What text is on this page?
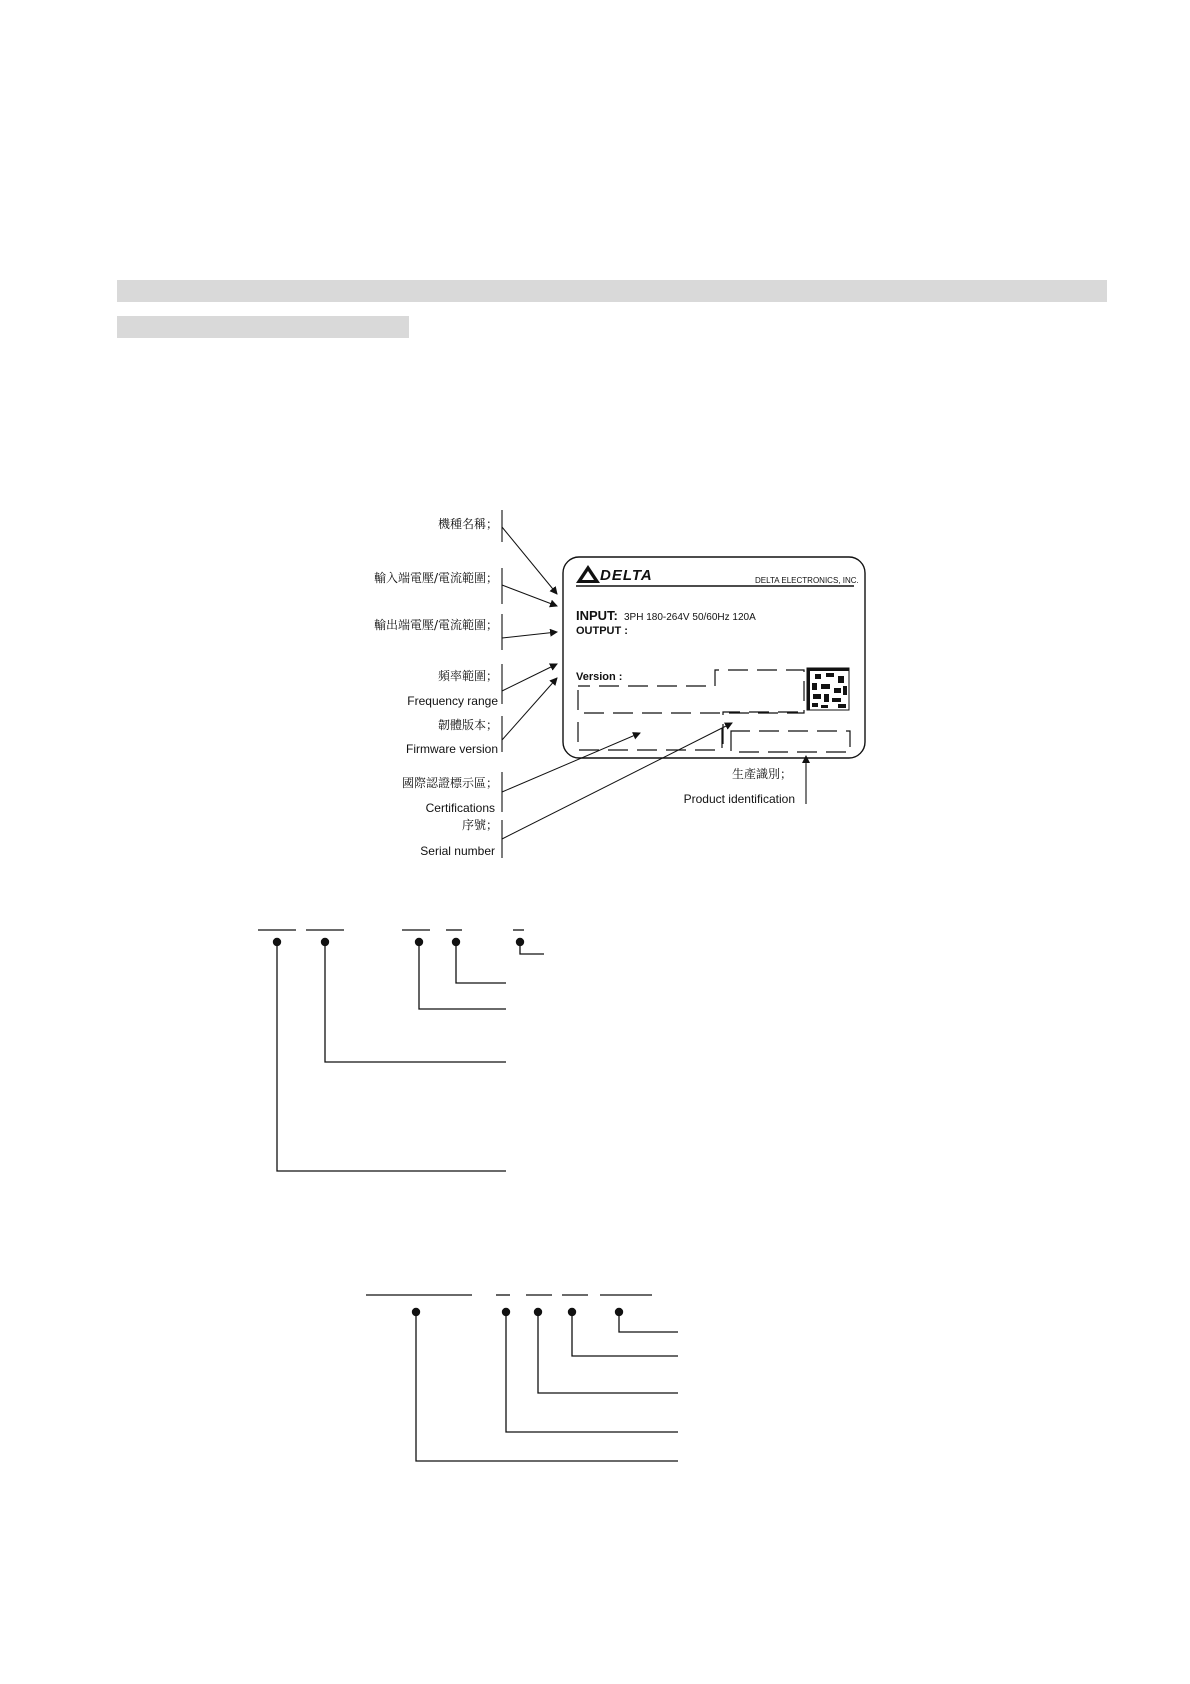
DELTA	DELTA ELECTRONICS, INC.
INPUT: 3PH 180-264V 50/60Hz 120A
OUTPUT :
Version :
機種名稱；
輸入端電壓/電流範圍；
輸出端電壓/電流範圍；
頻率範圍；
Frequency range
韌體版本；
Firmware version
國際認證標示區；
Certifications
序號；
Serial number
生產識別；
Product identification
